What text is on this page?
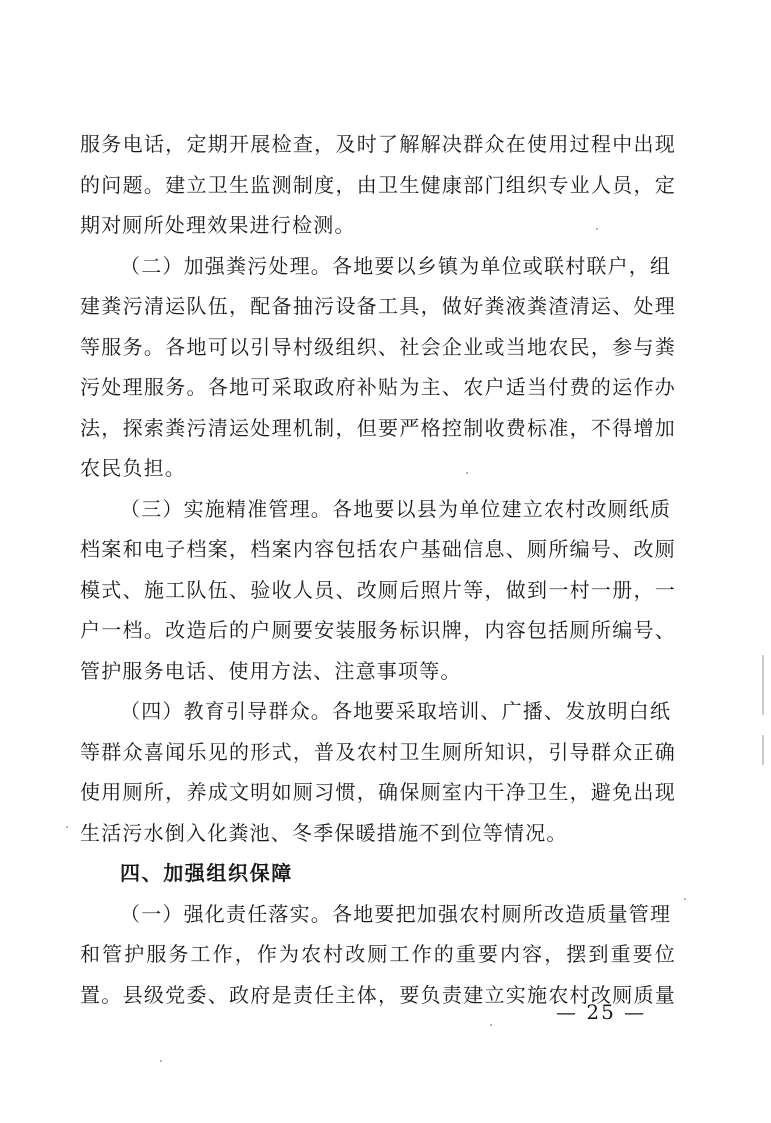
服务电话，定期开展检查，及时了解解决群众在使用过程中出现
的问题。建立卫生监测制度，由卫生健康部门组织专业人员，定
期对厕所处理效果进行检测。
（二）加强粪污处理。各地要以乡镇为单位或联村联户，组
建粪污清运队伍，配备抽污设备工具，做好粪液粪渣清运、处理
等服务。各地可以引导村级组织、社会企业或当地农民，参与粪
污处理服务。各地可采取政府补贴为主、农户适当付费的运作办
法，探索粪污清运处理机制，但要严格控制收费标准，不得增加
农民负担。
（三）实施精准管理。各地要以县为单位建立农村改厕纸质
档案和电子档案，档案内容包括农户基础信息、厕所编号、改厕
模式、施工队伍、验收人员、改厕后照片等，做到一村一册，一
户一档。改造后的户厕要安装服务标识牌，内容包括厕所编号、
管护服务电话、使用方法、注意事项等。
（四）教育引导群众。各地要采取培训、广播、发放明白纸
等群众喜闻乐见的形式，普及农村卫生厕所知识，引导群众正确
使用厕所，养成文明如厕习惯，确保厕室内干净卫生，避免出现
生活污水倒入化粪池、冬季保暖措施不到位等情况。
四、加强组织保障
（一）强化责任落实。各地要把加强农村厕所改造质量管理
和管护服务工作，作为农村改厕工作的重要内容，摆到重要位
置。县级党委、政府是责任主体，要负责建立实施农村改厕质量
— 25 —
